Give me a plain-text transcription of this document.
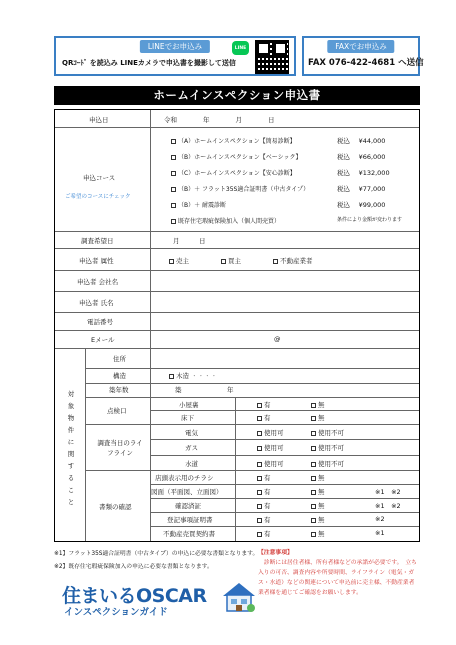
LINEでお申込み
QRｺｰﾄﾞ を読込み LINEカメラで申込書を撮影して送信
LINE	FAXでお申込み
FAX 076-422-4681 へ送信
ホームインスペクション申込書
申込日	令和　　　　年　　　　月　　　　日
申込コース
ご希望のコースにチェック
（A）ホームインスペクション【簡易診断】	税込　 ¥44,000
（B）ホームインスペクション【ベーシック】	税込　 ¥66,000
（C）ホームインスペクション【安心診断】	税込　 ¥132,000
（B）＋ フラット35S適合証明書（中古タイプ）	税込　 ¥77,000
（B）＋ 耐震診断	税込　 ¥99,000
既存住宅瑕疵保険加入（個人間売買）	条件により金額が変わります
調査希望日	月　　　日
申込者 属性	売主	買主	不動産業者
申込者 会社名
申込者 氏名
電話番号
Eメール	@
対象物件に関すること
住所
構造	木造 ・・・・
築年数	築　　　　　　　年
点検口
小屋裏	有	無
床下	有	無
調査当日のライフライン
電気	使用可	使用不可
ガス	使用可	使用不可
水道	使用可	使用不可
書類の確認
店頭表示用のチラシ	有	無
図面（平面図、立面図）	有	無	※1　※2
確認済証	有	無	※1　※2
登記事項証明書	有	無	※2
不動産売買契約書	有	無	※1
※1】フラット35S適合証明書（中古タイプ）の申込に必要な書類となります。
※2】既存住宅瑕疵保険加入の申込に必要な書類となります。
住まいるOSCAR
インスペクションガイド
【注意事項】
　診断には居住者様、所有者様などの承諾が必要です。　立ち入りの可否、調査内容や所要時間、ライフライン（電気・ガス・水道）などの関連について申込前に売主様、不動産業者業者様を通じてご確認をお願いします。
